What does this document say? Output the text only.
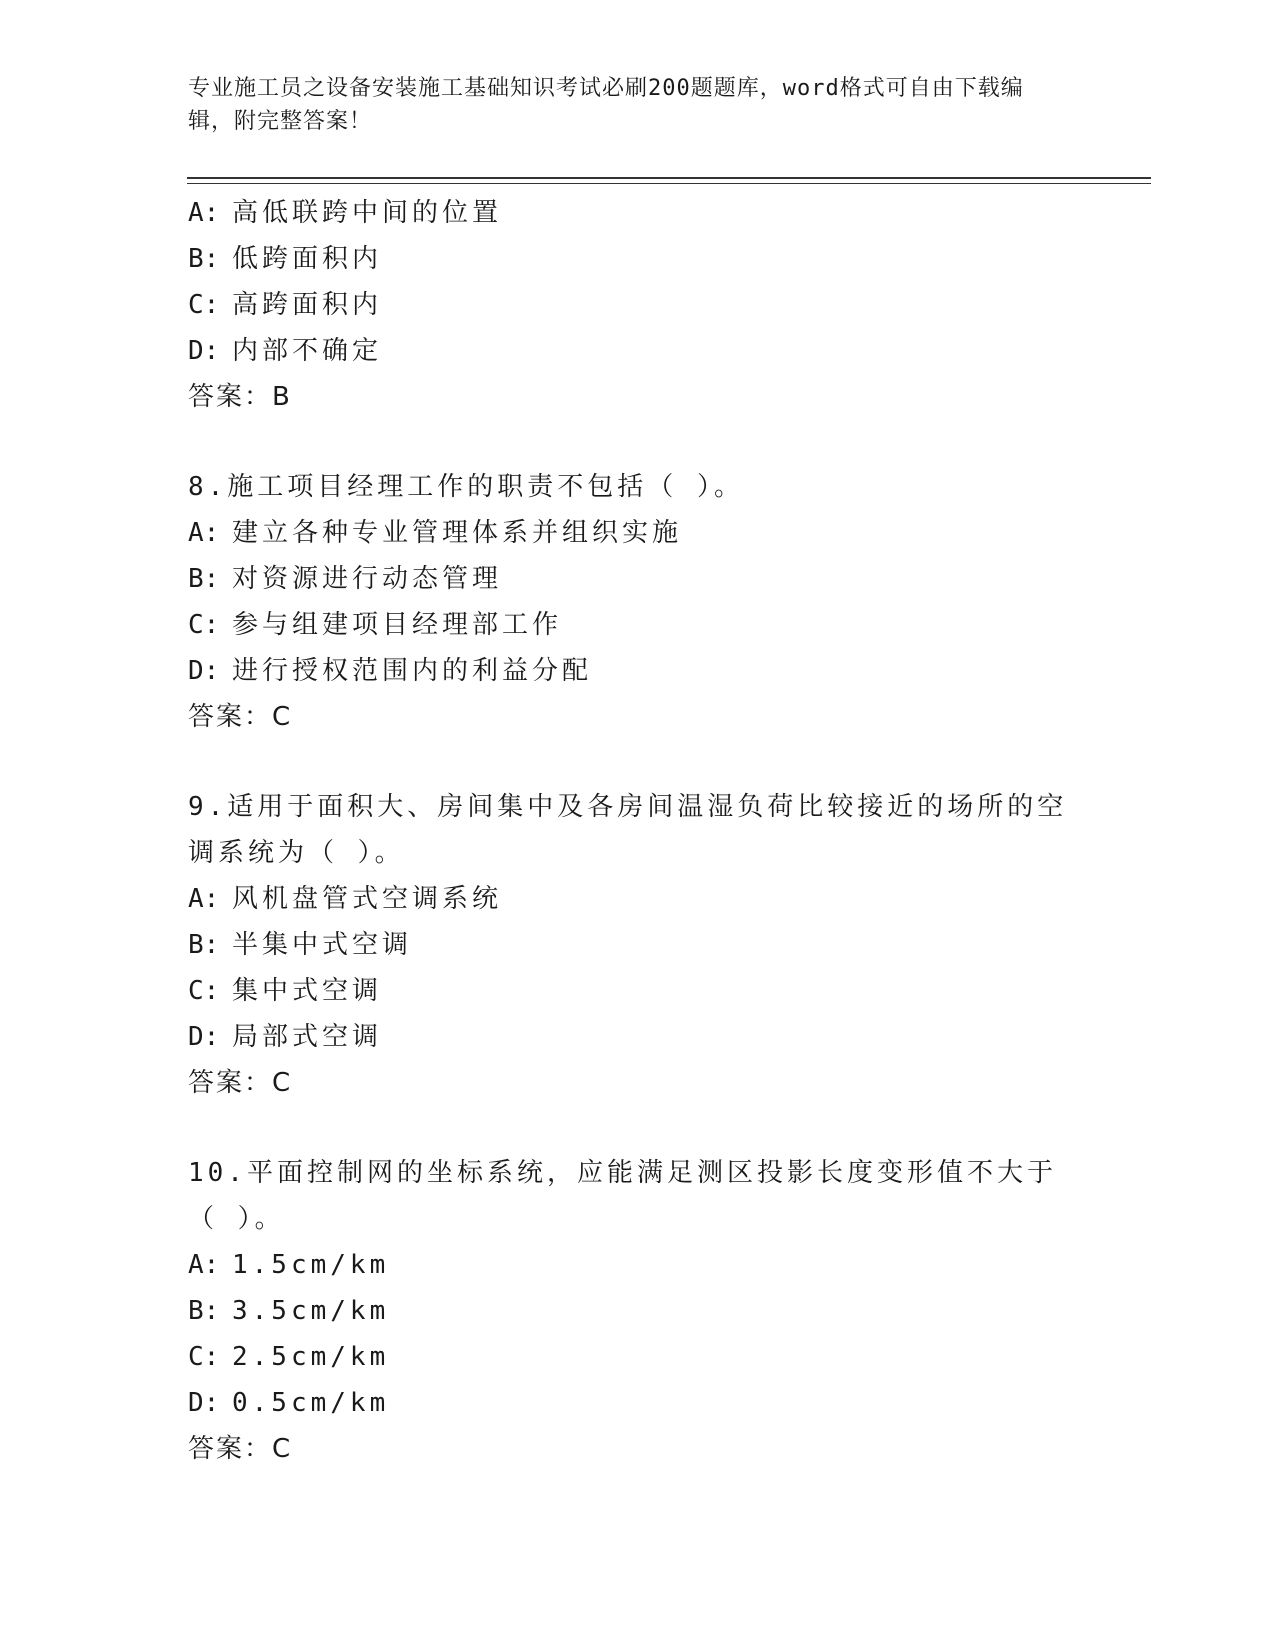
专业施工员之设备安装施工基础知识考试必刷200题题库，word格式可自由下载编辑，附完整答案！
A: 高低联跨中间的位置
B: 低跨面积内
C: 高跨面积内
D: 内部不确定
答案：B
8.施工项目经理工作的职责不包括（ ）。
A: 建立各种专业管理体系并组织实施
B: 对资源进行动态管理
C: 参与组建项目经理部工作
D: 进行授权范围内的利益分配
答案：C
9.适用于面积大、房间集中及各房间温湿负荷比较接近的场所的空调系统为（ ）。
A: 风机盘管式空调系统
B: 半集中式空调
C: 集中式空调
D: 局部式空调
答案：C
10.平面控制网的坐标系统，应能满足测区投影长度变形值不大于（ ）。
A: 1.5cm/km
B: 3.5cm/km
C: 2.5cm/km
D: 0.5cm/km
答案：C
